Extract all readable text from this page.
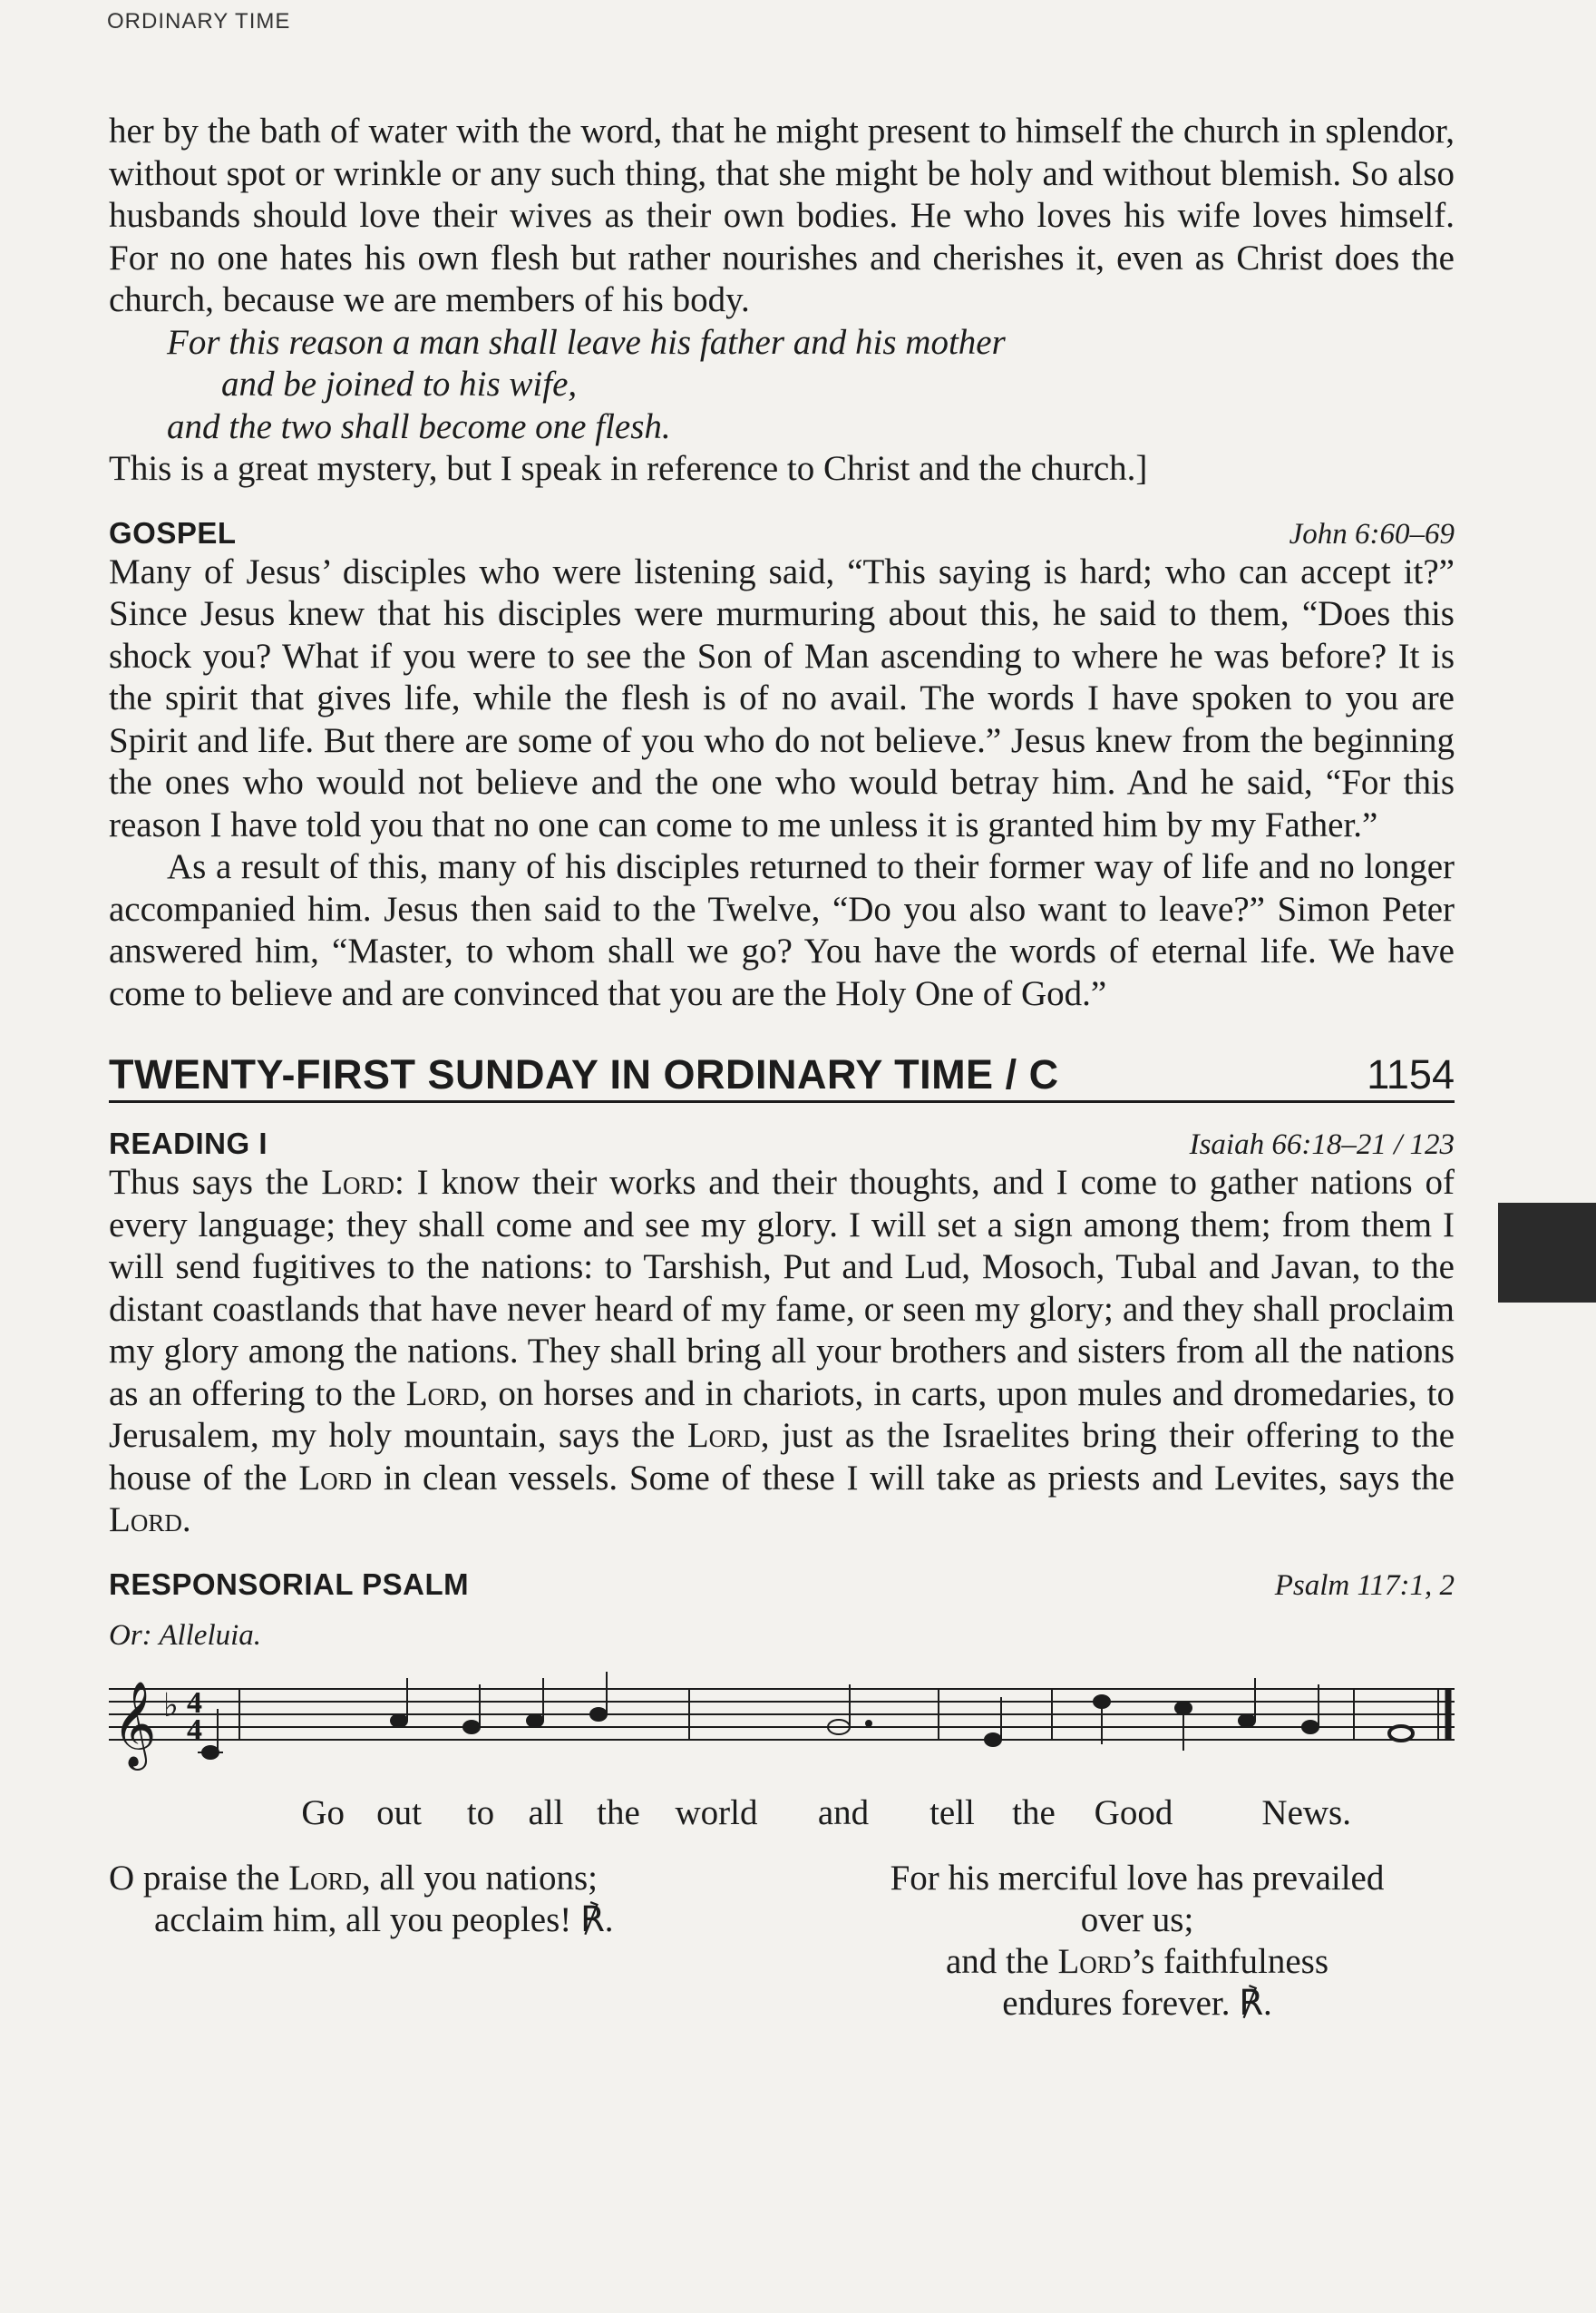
ORDINARY TIME

her by the bath of water with the word, that he might present to himself the church in splendor, without spot or wrinkle or any such thing, that she might be holy and without blemish. So also husbands should love their wives as their own bodies. He who loves his wife loves himself. For no one hates his own flesh but rather nourishes and cherishes it, even as Christ does the church, because we are members of his body.

For this reason a man shall leave his father and his mother
and be joined to his wife,
and the two shall become one flesh.

This is a great mystery, but I speak in reference to Christ and the church.]

GOSPEL	John 6:60–69

Many of Jesus’ disciples who were listening said, “This saying is hard; who can accept it?” Since Jesus knew that his disciples were murmuring about this, he said to them, “Does this shock you? What if you were to see the Son of Man ascending to where he was before? It is the spirit that gives life, while the flesh is of no avail. The words I have spoken to you are Spirit and life. But there are some of you who do not believe.” Jesus knew from the beginning the ones who would not believe and the one who would betray him. And he said, “For this reason I have told you that no one can come to me unless it is granted him by my Father.”

As a result of this, many of his disciples returned to their former way of life and no longer accompanied him. Jesus then said to the Twelve, “Do you also want to leave?” Simon Peter answered him, “Master, to whom shall we go? You have the words of eternal life. We have come to believe and are convinced that you are the Holy One of God.”

TWENTY-FIRST SUNDAY IN ORDINARY TIME / C	1154
READING I	Isaiah 66:18–21 / 123

Thus says the Lord: I know their works and their thoughts, and I come to gather nations of every language; they shall come and see my glory. I will set a sign among them; from them I will send fugitives to the nations: to Tarshish, Put and Lud, Mosoch, Tubal and Javan, to the distant coastlands that have never heard of my fame, or seen my glory; and they shall proclaim my glory among the nations. They shall bring all your brothers and sisters from all the nations as an offering to the Lord, on horses and in chariots, in carts, upon mules and dromedaries, to Jerusalem, my holy mountain, says the Lord, just as the Israelites bring their offering to the house of the Lord in clean vessels. Some of these I will take as priests and Levites, says the Lord.

RESPONSORIAL PSALM	Psalm 117:1, 2

Or: Alleluia.

𝄞 ♭ 4
4
Go out	to all the world	and	tell	the	Good	News.
O praise the Lord, all you nations;
acclaim him, all you peoples! ℟.
For his merciful love has prevailed
over us;
and the Lord’s faithfulness
endures forever. ℟.
